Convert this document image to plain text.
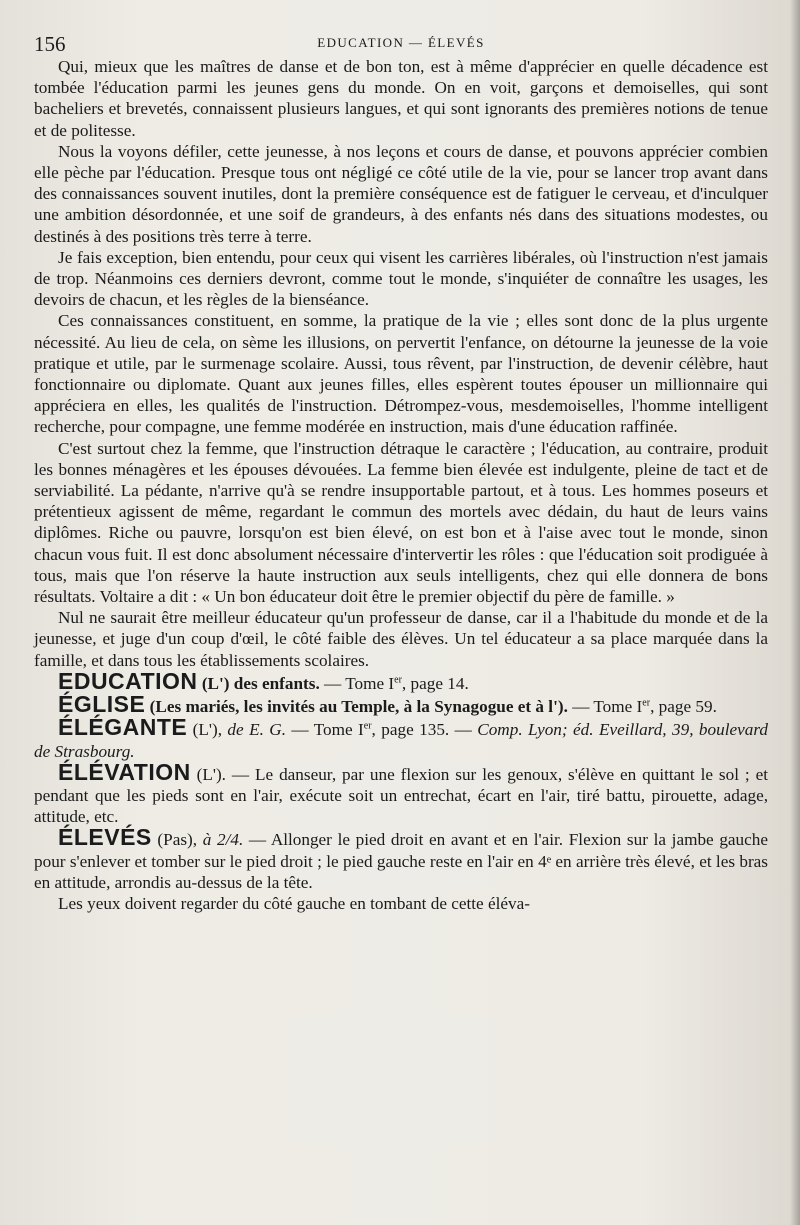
156	EDUCATION — ÉLEVÉS

Qui, mieux que les maîtres de danse et de bon ton, est à même d'apprécier en quelle décadence est tombée l'éducation parmi les jeunes gens du monde. On en voit, garçons et demoiselles, qui sont bacheliers et brevetés, connaissent plusieurs langues, et qui sont ignorants des premières notions de tenue et de politesse.

Nous la voyons défiler, cette jeunesse, à nos leçons et cours de danse, et pouvons apprécier combien elle pèche par l'éducation. Presque tous ont négligé ce côté utile de la vie, pour se lancer trop avant dans des connaissances souvent inutiles, dont la première conséquence est de fatiguer le cerveau, et d'inculquer une ambition désordonnée, et une soif de grandeurs, à des enfants nés dans des situations modestes, ou destinés à des positions très terre à terre.

Je fais exception, bien entendu, pour ceux qui visent les carrières libérales, où l'instruction n'est jamais de trop. Néanmoins ces derniers devront, comme tout le monde, s'inquiéter de connaître les usages, les devoirs de chacun, et les règles de la bienséance.

Ces connaissances constituent, en somme, la pratique de la vie ; elles sont donc de la plus urgente nécessité. Au lieu de cela, on sème les illusions, on pervertit l'enfance, on détourne la jeunesse de la voie pratique et utile, par le surmenage scolaire. Aussi, tous rêvent, par l'instruction, de devenir célèbre, haut fonctionnaire ou diplomate. Quant aux jeunes filles, elles espèrent toutes épouser un millionnaire qui appréciera en elles, les qualités de l'instruction. Détrompez-vous, mesdemoiselles, l'homme intelligent recherche, pour compagne, une femme modérée en instruction, mais d'une éducation raffinée.

C'est surtout chez la femme, que l'instruction détraque le caractère ; l'éducation, au contraire, produit les bonnes ménagères et les épouses dévouées. La femme bien élevée est indulgente, pleine de tact et de serviabilité. La pédante, n'arrive qu'à se rendre insupportable partout, et à tous. Les hommes poseurs et prétentieux agissent de même, regardant le commun des mortels avec dédain, du haut de leurs vains diplômes. Riche ou pauvre, lorsqu'on est bien élevé, on est bon et à l'aise avec tout le monde, sinon chacun vous fuit. Il est donc absolument nécessaire d'intervertir les rôles : que l'éducation soit prodiguée à tous, mais que l'on réserve la haute instruction aux seuls intelligents, chez qui elle donnera de bons résultats. Voltaire a dit : « Un bon éducateur doit être le premier objectif du père de famille. »

Nul ne saurait être meilleur éducateur qu'un professeur de danse, car il a l'habitude du monde et de la jeunesse, et juge d'un coup d'œil, le côté faible des élèves. Un tel éducateur a sa place marquée dans la famille, et dans tous les établissements scolaires.

EDUCATION (L') des enfants. — Tome Ier, page 14.

ÉGLISE (Les mariés, les invités au Temple, à la Synagogue et à l'). — Tome Ier, page 59.

ÉLÉGANTE (L'), de E. G. — Tome Ier, page 135. — Comp. Lyon; éd. Eveillard, 39, boulevard de Strasbourg.

ÉLÉVATION (L'). — Le danseur, par une flexion sur les genoux, s'élève en quittant le sol ; et pendant que les pieds sont en l'air, exécute soit un entrechat, écart en l'air, tiré battu, pirouette, adage, attitude, etc.

ÉLEVÉS (Pas), à 2/4. — Allonger le pied droit en avant et en l'air. Flexion sur la jambe gauche pour s'enlever et tomber sur le pied droit ; le pied gauche reste en l'air en 4ᵉ en arrière très élevé, et les bras en attitude, arrondis au-dessus de la tête.

Les yeux doivent regarder du côté gauche en tombant de cette éléva-
